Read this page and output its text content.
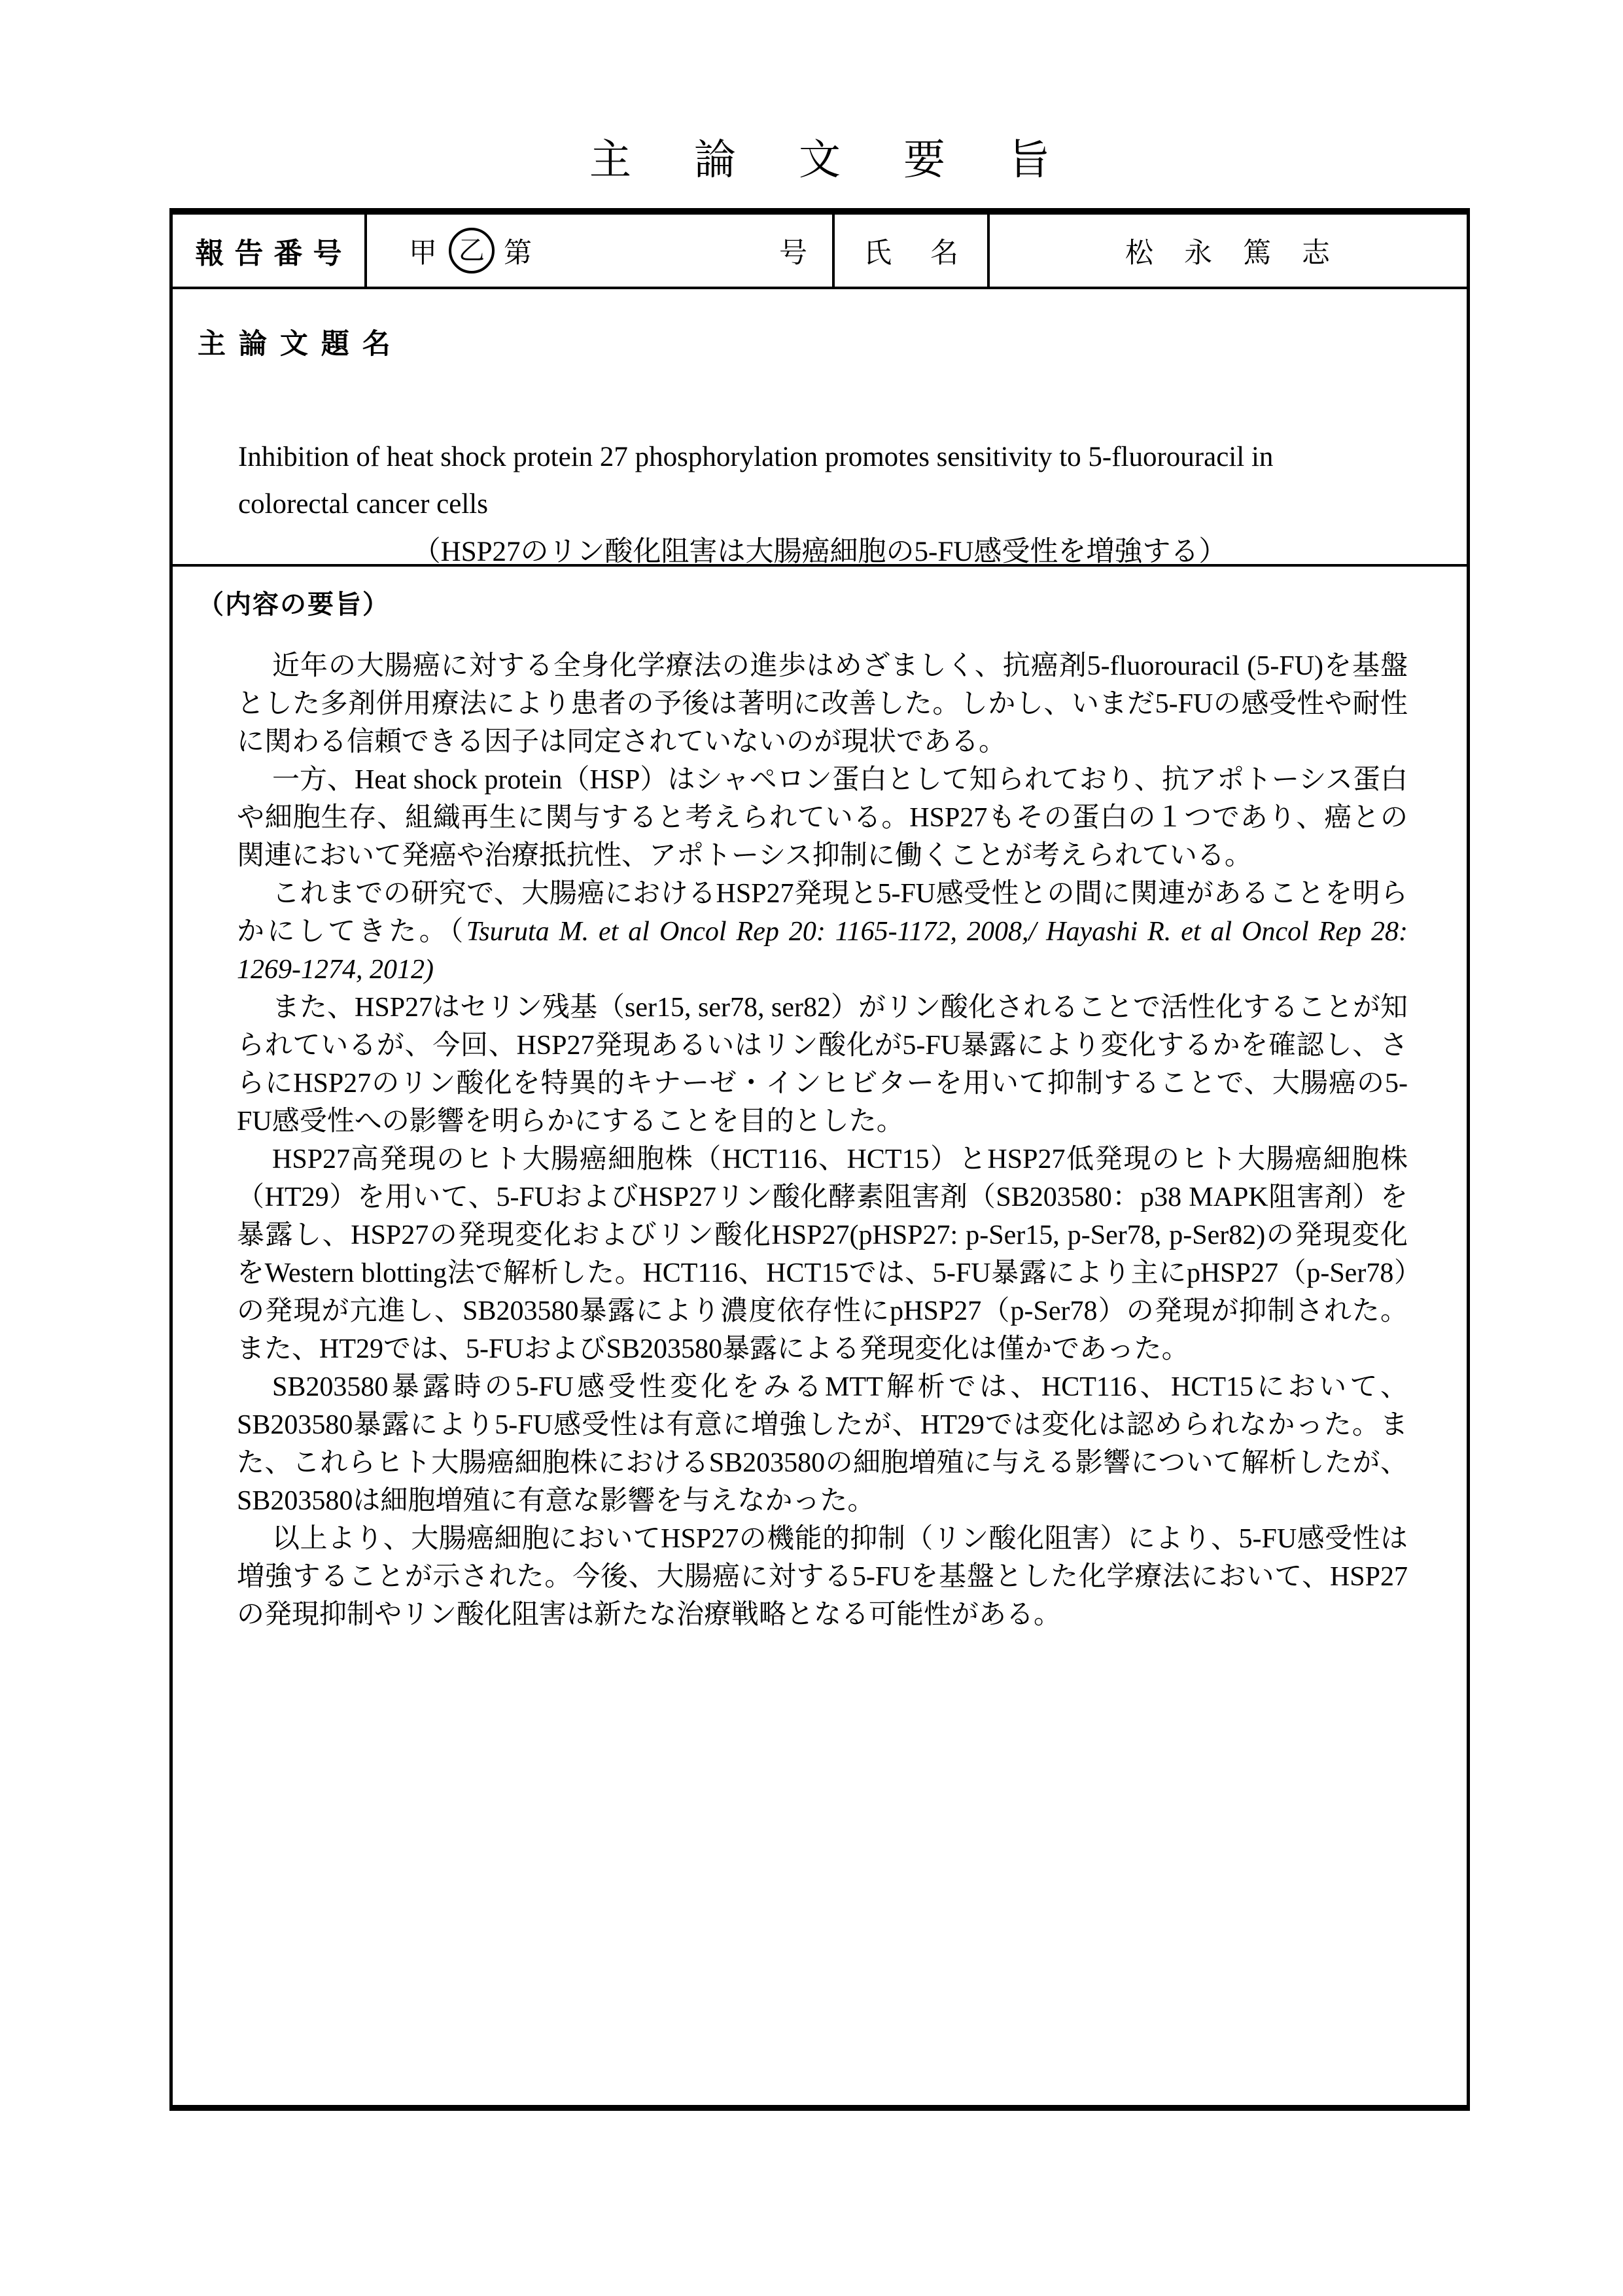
主　論　文　要　旨
報告番号 甲 乙 第	号 氏　名	松　永　篤　志
主 論 文 題 名
Inhibition of heat shock protein 27 phosphorylation promotes sensitivity to 5-fluorouracil in
colorectal cancer cells
（HSP27のリン酸化阻害は大腸癌細胞の5-FU感受性を増強する）
（内容の要旨）

近年の大腸癌に対する全身化学療法の進歩はめざましく、抗癌剤5-fluorouracil (5-FU)を基盤とした多剤併用療法により患者の予後は著明に改善した。しかし、いまだ5-FUの感受性や耐性に関わる信頼できる因子は同定されていないのが現状である。

一方、Heat shock protein（HSP）はシャペロン蛋白として知られており、抗アポトーシス蛋白や細胞生存、組織再生に関与すると考えられている。HSP27もその蛋白の１つであり、癌との関連において発癌や治療抵抗性、アポトーシス抑制に働くことが考えられている。

これまでの研究で、大腸癌におけるHSP27発現と5-FU感受性との間に関連があることを明らかにしてきた。（Tsuruta M. et al Oncol Rep 20: 1165-1172, 2008,/ Hayashi R. et al Oncol Rep 28: 1269-1274, 2012)

また、HSP27はセリン残基（ser15, ser78, ser82）がリン酸化されることで活性化することが知られているが、今回、HSP27発現あるいはリン酸化が5-FU暴露により変化するかを確認し、さらにHSP27のリン酸化を特異的キナーゼ・インヒビターを用いて抑制することで、大腸癌の5-FU感受性への影響を明らかにすることを目的とした。

HSP27高発現のヒト大腸癌細胞株（HCT116、HCT15）とHSP27低発現のヒト大腸癌細胞株（HT29）を用いて、5-FUおよびHSP27リン酸化酵素阻害剤（SB203580：p38 MAPK阻害剤）を暴露し、HSP27の発現変化およびリン酸化HSP27(pHSP27: p-Ser15, p-Ser78, p-Ser82)の発現変化をWestern blotting法で解析した。HCT116、HCT15では、5-FU暴露により主にpHSP27（p-Ser78）の発現が亢進し、SB203580暴露により濃度依存性にpHSP27（p-Ser78）の発現が抑制された。また、HT29では、5-FUおよびSB203580暴露による発現変化は僅かであった。

SB203580暴露時の5-FU感受性変化をみるMTT解析では、HCT116、HCT15において、SB203580暴露により5-FU感受性は有意に増強したが、HT29では変化は認められなかった。また、これらヒト大腸癌細胞株におけるSB203580の細胞増殖に与える影響について解析したが、SB203580は細胞増殖に有意な影響を与えなかった。

以上より、大腸癌細胞においてHSP27の機能的抑制（リン酸化阻害）により、5-FU感受性は増強することが示された。今後、大腸癌に対する5-FUを基盤とした化学療法において、HSP27の発現抑制やリン酸化阻害は新たな治療戦略となる可能性がある。
